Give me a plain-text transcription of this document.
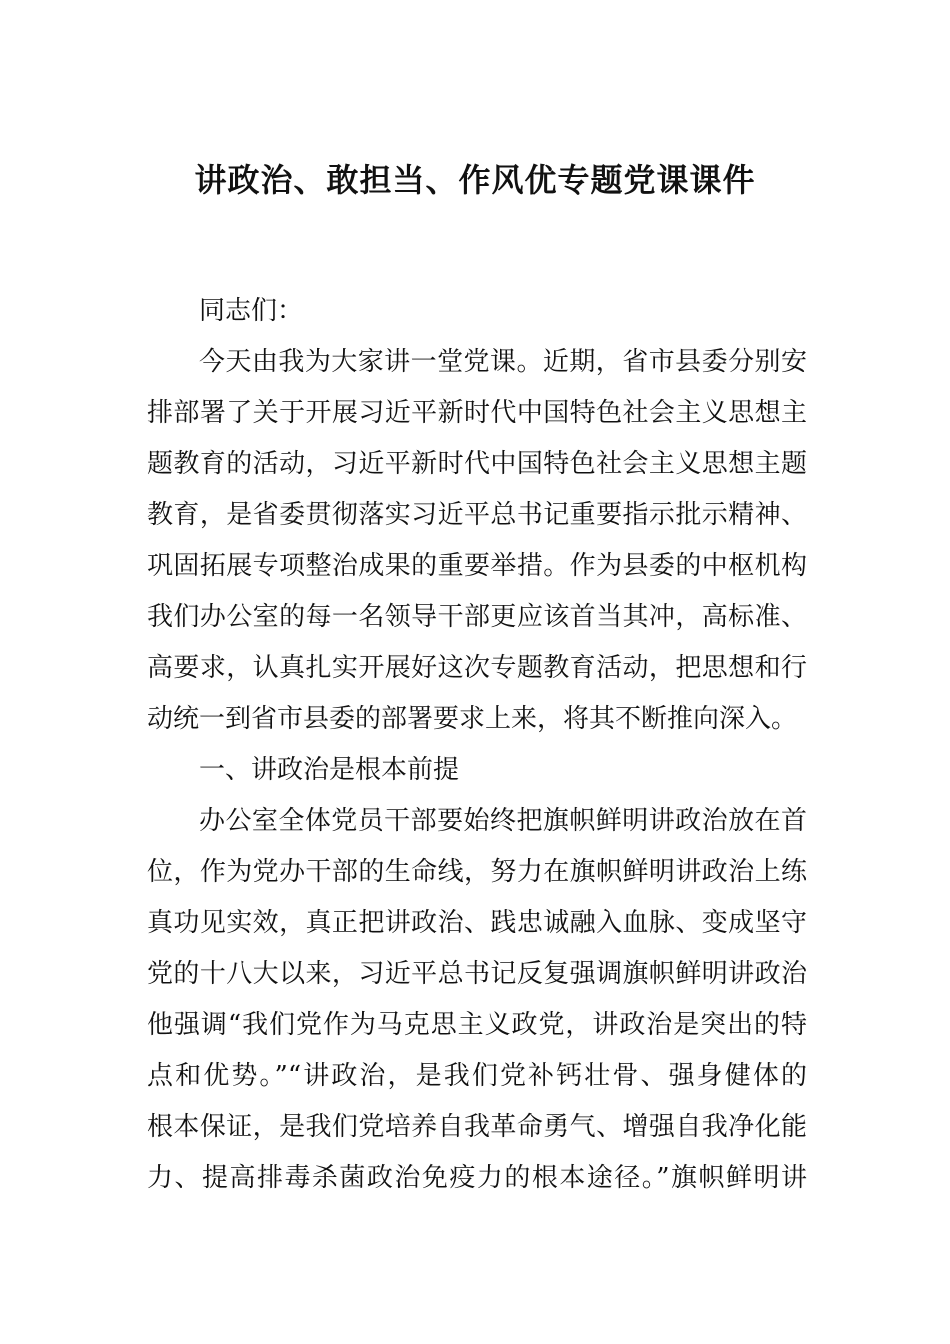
讲政治、敢担当、作风优专题党课课件
同志们：
今天由我为大家讲一堂党课。近期，省市县委分别安
排部署了关于开展习近平新时代中国特色社会主义思想主
题教育的活动，习近平新时代中国特色社会主义思想主题
教育，是省委贯彻落实习近平总书记重要指示批示精神、
巩固拓展专项整治成果的重要举措。作为县委的中枢机构
我们办公室的每一名领导干部更应该首当其冲，高标准、
高要求，认真扎实开展好这次专题教育活动，把思想和行
动统一到省市县委的部署要求上来，将其不断推向深入。
一、讲政治是根本前提
办公室全体党员干部要始终把旗帜鲜明讲政治放在首
位，作为党办干部的生命线，努力在旗帜鲜明讲政治上练
真功见实效，真正把讲政治、践忠诚融入血脉、变成坚守
党的十八大以来，习近平总书记反复强调旗帜鲜明讲政治
他强调“我们党作为马克思主义政党，讲政治是突出的特
点和优势。”“讲政治，是我们党补钙壮骨、强身健体的
根本保证，是我们党培养自我革命勇气、增强自我净化能
力、提高排毒杀菌政治免疫力的根本途径。”旗帜鲜明讲
